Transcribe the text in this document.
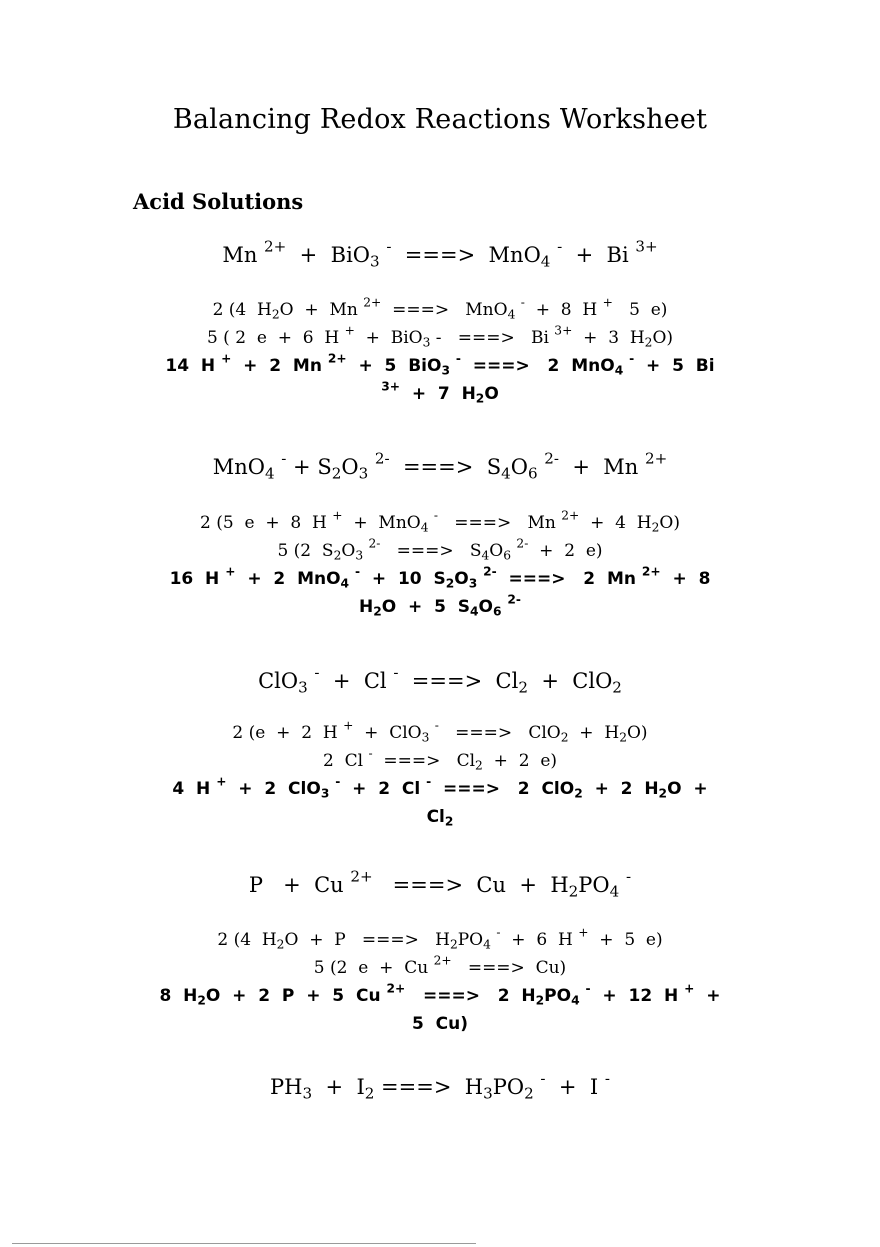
Balancing Redox Reactions Worksheet
Acid Solutions
Mn $^{2+}$ + BiO$_3$ - ===> MnO$_4$ - + Bi $^{3+}$
2 (4  $H_2O + Mn$ $^{2+}$  ===>   MnO$_4$ -  +  8  H +   5  e)
5 ( 2  e  +  6  H +  +  BiO$_3$ -   ===>   Bi $^{3+}$  +  3  $H_2O$)
14  H +  +  2  Mn $^{2+}$  +  5  BiO$_3$ -  ===>   2  MnO$_4$ -  +  5  Bi
$^{3+}$  +  7  $H_2O$
MnO$_4$ $^- + S_2O_3$ $^{2-}$ ===> $S_4O_6$ $^{2-}$ + Mn $^{2+}$
2 (5  e  +  8  H +  +  MnO$_4$ -   ===>   Mn $^{2+}$  +  4  $H_2O$)
5 (2  $S_2O_3$ $^{2-}$   ===>   $S_4O_6$ $^{2-}$  +  2  e)
16  H +  +  2  MnO$_4$ -  +  10  $S_2O_3$ $^{2-}$  ===>   2  Mn $^{2+}$  +  8
$H_2O + 5$  $S_4O_6$ $^{2-}$
ClO$_3$ - + Cl - ===> $Cl_2 + ClO_2$
2 (e  +  2  H +  +  ClO$_3$ -   ===>   $ClO_2 + H_2O$)
2  Cl -  ===>   $Cl_2 + 2$  e)
4  H +  +  2  ClO$_3$ -  +  2  Cl -  ===>   2  ClO$_2$  +  2  $H_2O$  +
$Cl_2$
P + Cu $^{2+}$ ===> $Cu + H_2PO_4$ -
2 (4  $H_2O + P$   ===>   $H_2PO_4$ -  +  6  H +  +  5  e)
5 (2  e  +  Cu $^{2+}$   ===>  Cu)
8  $H_2O + 2$  P  +  5  Cu $^{2+}$   ===>   2  $H_2PO_4$ -  +  12  H +  +
5  Cu)
$PH_3 + I_2$ ===> $H_3PO_2$ - + I -
